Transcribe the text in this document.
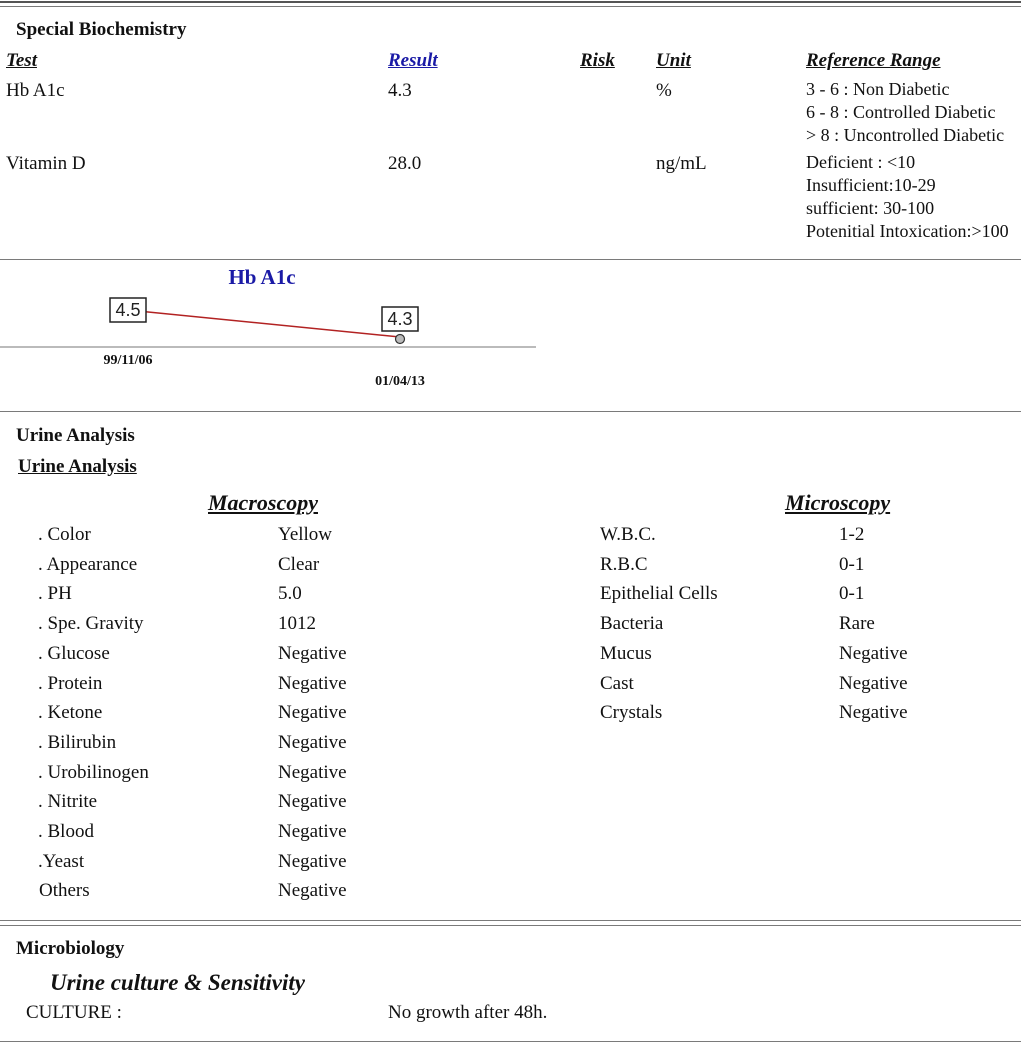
Special Biochemistry
Test	Result	Risk Unit	Reference Range
Hb A1c	4.3	%	3 - 6 : Non Diabetic
6 - 8 : Controlled Diabetic
> 8 : Uncontrolled Diabetic
Vitamin D	28.0	ng/mL	Deficient : <10
Insufficient:10-29
sufficient: 30-100
Potenitial Intoxication:>100
Hb A1c
4.5	4.3
99/11/06
01/04/13
Urine Analysis
Urine Analysis
Macroscopy	Microscopy
. Color	Yellow
. Appearance	Clear
. PH	5.0
. Spe. Gravity	1012
. Glucose	Negative
. Protein	Negative
. Ketone	Negative
. Bilirubin	Negative
. Urobilinogen	Negative
. Nitrite	Negative
. Blood	Negative
.Yeast	Negative
Others	Negative
W.B.C.	1-2
R.B.C	0-1
Epithelial Cells	0-1
Bacteria	Rare
Mucus	Negative
Cast	Negative
Crystals	Negative
Microbiology
Urine culture & Sensitivity
CULTURE :	No growth after 48h.
